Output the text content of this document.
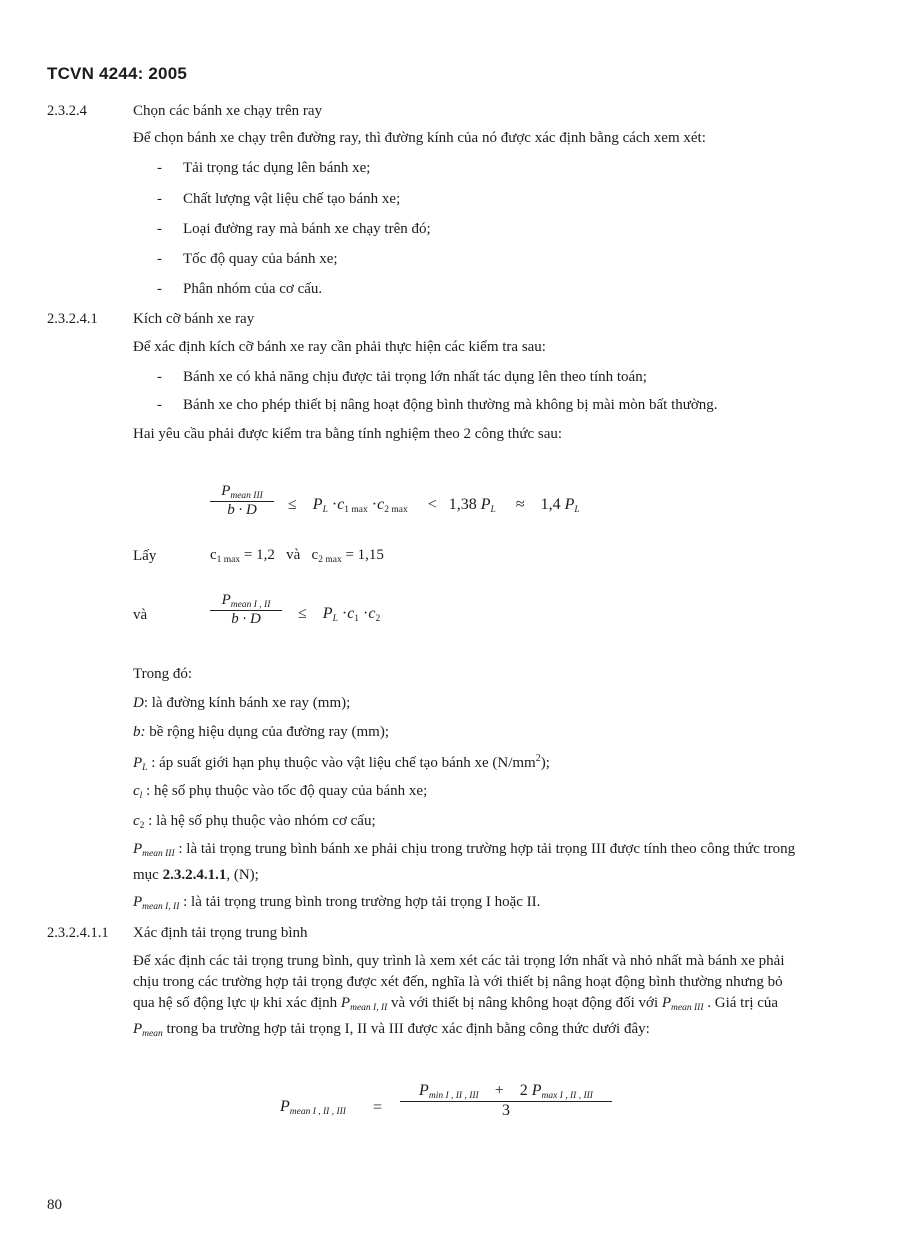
TCVN 4244: 2005
2.3.2.4	Chọn các bánh xe chạy trên ray
Để chọn bánh xe chạy trên đường ray, thì đường kính của nó được xác định bằng cách xem xét:
- Tải trọng tác dụng lên bánh xe;
- Chất lượng vật liệu chế tạo bánh xe;
- Loại đường ray mà bánh xe chạy trên đó;
- Tốc độ quay của bánh xe;
- Phân nhóm của cơ cấu.
2.3.2.4.1 Kích cỡ bánh xe ray
Để xác định kích cỡ bánh xe ray cần phải thực hiện các kiểm tra sau:
- Bánh xe có khả năng chịu được tải trọng lớn nhất tác dụng lên theo tính toán;
- Bánh xe cho phép thiết bị nâng hoạt động bình thường mà không bị mài mòn bất thường.
Hai yêu cầu phải được kiểm tra bằng tính nghiệm theo 2 công thức sau:
$P_{mean III}$
b · D	≤ $P_L \cdot c1$ max ·c2 max < 1,38 $P_L \approx 1,4$ $P_L$
Lấy	$c_{1 max} = 1,2$ và $c_{2 max} = 1,15$
và
$P_{mean I , II}$
b · D	≤ $P_L \cdot c1 \cdot c2$
Trong đó:
D: là đường kính bánh xe ray (mm);
b: bề rộng hiệu dụng của đường ray (mm);
$P_L$ : áp suất giới hạn phụ thuộc vào vật liệu chế tạo bánh xe $(N/mm^2)$;
$c_l$ : hệ số phụ thuộc vào tốc độ quay của bánh xe;
$c_2$ : là hệ số phụ thuộc vào nhóm cơ cấu;
$P_{mean III}$ : là tải trọng trung bình bánh xe phải chịu trong trường hợp tải trọng III được tính theo công thức trong mục 2.3.2.4.1.1, (N);
$P_{mean I, II}$ : là tải trọng trung bình trong trường hợp tải trọng I hoặc II.
2.3.2.4.1.1 Xác định tải trọng trung bình
Để xác định các tải trọng trung bình, quy trình là xem xét các tải trọng lớn nhất và nhỏ nhất mà bánh xe phải chịu trong các trường hợp tải trọng được xét đến, nghĩa là với thiết bị nâng hoạt động bình thường nhưng bỏ qua hệ số động lực ψ khi xác định $P_{mean I, II}$ và với thiết bị nâng không hoạt động đối với $P_{mean III}$ . Giá trị của $P_{mean}$ trong ba trường hợp tải trọng I, II và III được xác định bằng công thức dưới đây:
$P_{mean I , II , III}$ =
$P_{min I , II , III} + 2$ $P_{max I , II , III}$
3
80
